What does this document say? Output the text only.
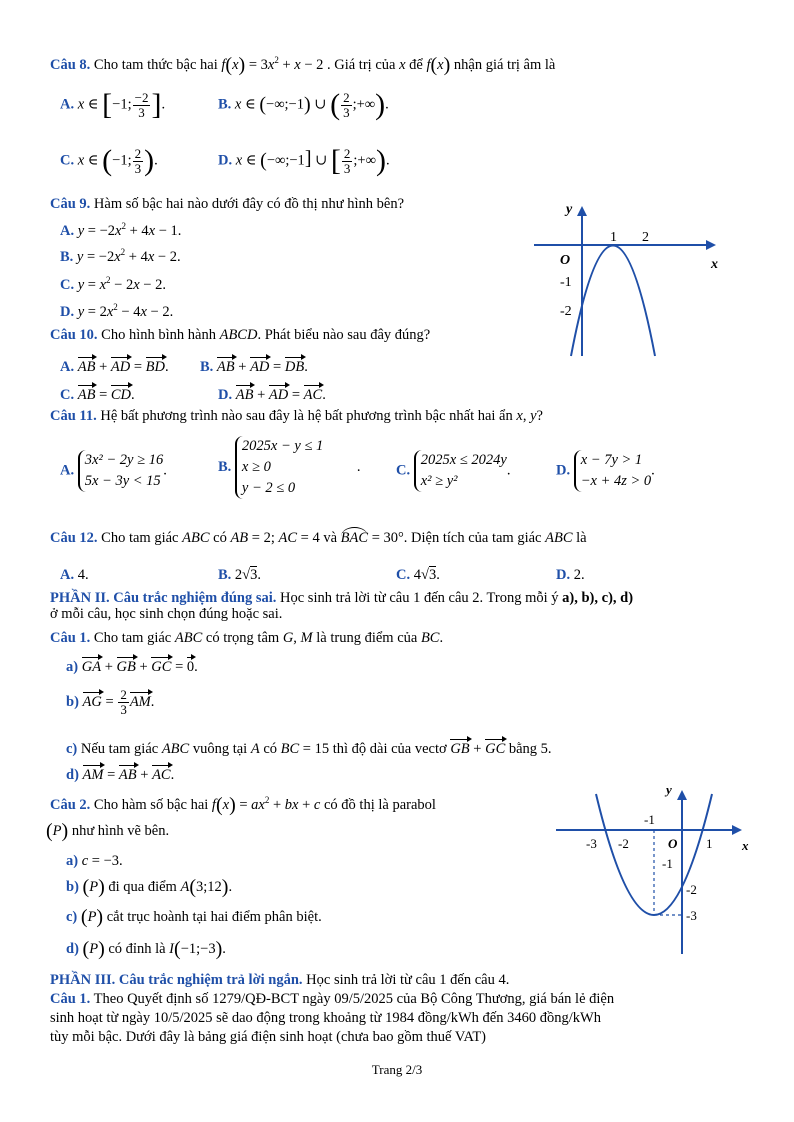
Câu 8. Cho tam thức bậc hai $f(x) = 3x^2 + x - 2$ . Giá trị của x để f(x) nhận giá trị âm là
A. x ∈ [−1; $\frac{-2}{3}$ ].	B. x ∈ (−∞;−1) ∪ ( $\frac{2}{3}$ ;+∞).
C. x ∈ (−1; $\frac{2}{3}$ ).	D. x ∈ (−∞;−1] ∪ [ $\frac{2}{3}$ ;+∞).
Câu 9. Hàm số bậc hai nào dưới đây có đồ thị như hình bên?
A. $y = -2x^2 + 4x - 1$.
B. $y = -2x^2 + 4x - 2$.
C. $y = x^2 - 2x - 2$.
D. $y = 2x^2 - 4x - 2$.
y
x
O
1 2
-1
-2
Câu 10. Cho hình bình hành ABCD. Phát biểu nào sau đây đúng?
A. AB + AD = BD. B. AB + AD = DB.
C. AB = CD.	D. AB + AD = AC.
Câu 11. Hệ bất phương trình nào sau đây là hệ bất phương trình bậc nhất hai ẩn x, y?
A.
3x² − 2y ≥ 16
5x − 3y < 15
.	B.
2025x − y ≤ 1
x ≥ 0
y − 2 ≤ 0
. C.
2025x ≤ 2024y
x² ≥ y²
.	D.
x − 7y > 1
−x + 4z > 0
.
Câu 12. Cho tam giác ABC có AB = 2; AC = 4 và BAC = 30°. Diện tích của tam giác ABC là
A. 4.	B. 2√3.	C. 4√3.	D. 2.
PHẦN II. Câu trắc nghiệm đúng sai. Học sinh trả lời từ câu 1 đến câu 2. Trong mỗi ý a), b), c), d)
ở mỗi câu, học sinh chọn đúng hoặc sai.
Câu 1. Cho tam giác ABC có trọng tâm G, M là trung điểm của BC.
a) GA + GB + GC = 0.
b) AG = $\frac{2}{3}$ AM.
c) Nếu tam giác ABC vuông tại A có BC = 15 thì độ dài của vectơ GB + GC bằng 5.
d) AM = AB + AC.
Câu 2. Cho hàm số bậc hai $f(x) = ax^2$ + bx + c có đồ thị là parabol
(P) như hình vẽ bên.
a) c = −3.
b) (P) đi qua điểm A(3;12).
c) (P) cắt trục hoành tại hai điểm phân biệt.
d) (P) có đỉnh là I(−1;−3).
y
x
O
-3 -2
-1
1
-1
-2
-3
PHẦN III. Câu trắc nghiệm trả lời ngắn. Học sinh trả lời từ câu 1 đến câu 4.
Câu 1. Theo Quyết định số 1279/QĐ-BCT ngày 09/5/2025 của Bộ Công Thương, giá bán lẻ điện
sinh hoạt từ ngày 10/5/2025 sẽ dao động trong khoảng từ 1984 đồng/kWh đến 3460 đồng/kWh
tùy mỗi bậc. Dưới đây là bảng giá điện sinh hoạt (chưa bao gồm thuế VAT)
Trang 2/3
